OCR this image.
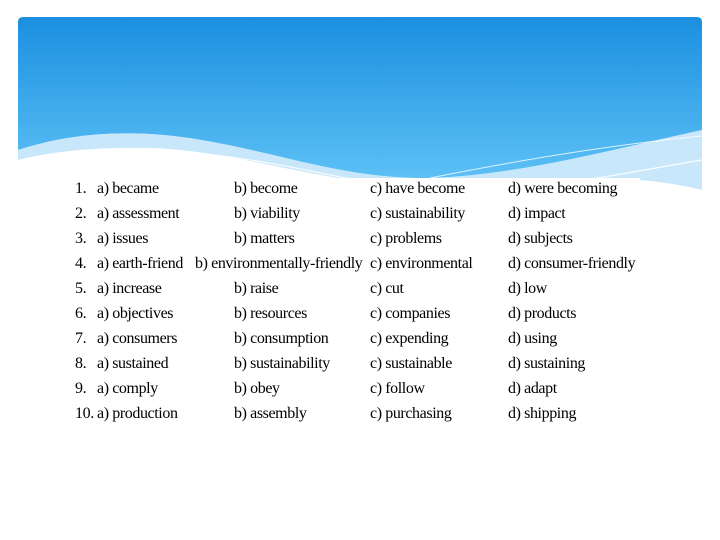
1. a) became	b) become	c) have become	d) were becoming
2. a) assessment	b) viability	c) sustainability	d) impact
3. a) issues	b) matters	c) problems	d) subjects
4. a) earth-friend b) environmentally-friendly c) environmental d) consumer-friendly
5. a) increase	b) raise	c) cut	d) low
6. a) objectives	b) resources	c) companies	d) products
7. a) consumers	b) consumption	c) expending	d) using
8. a) sustained	b) sustainability	c) sustainable	d) sustaining
9. a) comply	b) obey	c) follow	d) adapt
10. a) production	b) assembly	c) purchasing	d) shipping
